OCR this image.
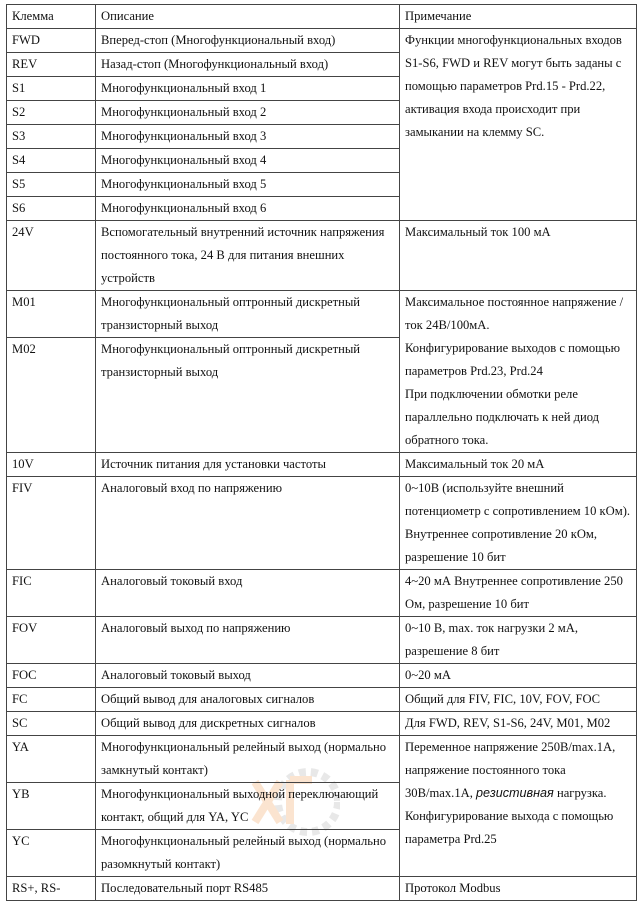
Клемма	Описание	Примечание
FWD	Вперед-стоп (Многофункциональный вход)	Функции многофункциональных входов S1-S6, FWD и REV могут быть заданы с помощью параметров Prd.15 - Prd.22, активация входа происходит при замыкании на клемму SC.
REV	Назад-стоп (Многофункциональный вход)	
S1	Многофункциональный вход 1	
S2	Многофункциональный вход 2	
S3	Многофункциональный вход 3	
S4	Многофункциональный вход 4	
S5	Многофункциональный вход 5	
S6	Многофункциональный вход 6	
24V	Вспомогательный внутренний источник напряжения постоянного тока, 24 В для питания внешних устройств	Максимальный ток 100 мА
M01	Многофункциональный оптронный дискретный транзисторный выход	Максимальное постоянное напряжение /ток 24В/100мА.
Конфигурирование выходов с помощью параметров Prd.23, Prd.24
При подключении обмотки реле параллельно подключать к ней диод обратного тока.

M02	Многофункциональный оптронный дискретный транзисторный выход	
10V	Источник питания для установки частоты	Максимальный ток 20 мА
FIV	Аналоговый вход по напряжению	0~10В (используйте внешний потенциометр с сопротивлением 10 кОм). Внутреннее сопротивление 20 кОм, разрешение 10 бит
FIC	Аналоговый токовый вход	4~20 мА Внутреннее сопротивление 250 Ом, разрешение 10 бит
FOV	Аналоговый выход по напряжению	0~10 В, max. ток нагрузки 2 мА, разрешение 8 бит
FOC	Аналоговый токовый выход	0~20 мА
FC	Общий вывод для аналоговых сигналов	Общий для FIV, FIC, 10V, FOV, FOC
SC	Общий вывод для дискретных сигналов	Для FWD, REV, S1-S6, 24V, M01, M02
YA	Многофункциональный релейный выход (нормально замкнутый контакт)	Переменное напряжение 250В/max.1A, напряжение постоянного тока 30В/max.1A, резистивная нагрузка.
Конфигурирование выхода с помощью параметра Prd.25

YB	Многофункциональный выходной переключающий контакт, общий для YA, YC	
YC	Многофункциональный релейный выход (нормально разомкнутый контакт)	
RS+, RS-	Последовательный порт RS485	Протокол Modbus
